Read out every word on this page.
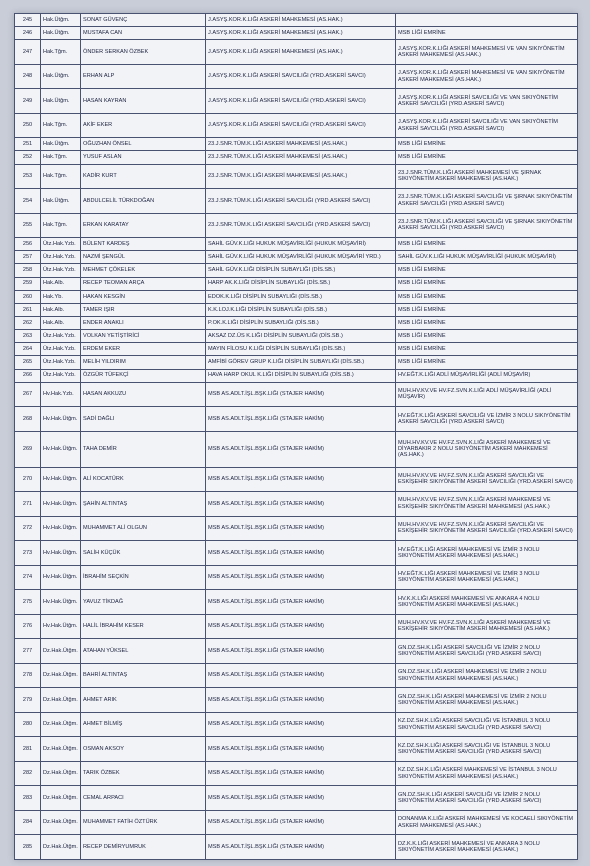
245	Hak.Ütğm.	SONAT GÜVENÇ	J.ASYŞ.KOR.K.LIĞI ASKERİ MAHKEMESİ (AS.HAK.)	
246	Hak.Ütğm.	MUSTAFA CAN	J.ASYŞ.KOR.K.LIĞI ASKERİ MAHKEMESİ (AS.HAK.)	MSB LİĞİ EMRİNE
247	Hak.Tğm.	ÖNDER SERKAN ÖZBEK	J.ASYŞ.KOR.K.LIĞI ASKERİ MAHKEMESİ (AS.HAK.)	J.ASYŞ.KOR.K.LIĞI ASKERİ MAHKEMESİ VE VAN SIKIYÖNETİM ASKERİ MAHKEMESİ (AS.HAK.)
248	Hak.Ütğm.	ERHAN ALP	J.ASYŞ.KOR.K.LIĞI ASKERİ SAVCILIĞI (YRD.ASKERİ SAVCI)	J.ASYŞ.KOR.K.LIĞI ASKERİ MAHKEMESİ VE VAN SIKIYÖNETİM ASKERİ MAHKEMESİ (AS.HAK.)
249	Hak.Ütğm.	HASAN KAYRAN	J.ASYŞ.KOR.K.LIĞI ASKERİ SAVCILIĞI (YRD.ASKERİ SAVCI)	J.ASYŞ.KOR.K.LIĞI ASKERİ SAVCILIĞI VE VAN SIKIYÖNETİM ASKERİ SAVCILIĞI (YRD.ASKERİ SAVCI)
250	Hak.Tğm.	AKİF EKER	J.ASYŞ.KOR.K.LIĞI ASKERİ SAVCILIĞI (YRD.ASKERİ SAVCI)	J.ASYŞ.KOR.K.LIĞI ASKERİ SAVCILIĞI VE VAN SIKIYÖNETİM ASKERİ SAVCILIĞI (YRD.ASKERİ SAVCI)
251	Hak.Ütğm.	OĞUZHAN ÖNSEL	23.J.SNR.TÜM.K.LIĞI ASKERİ MAHKEMESİ (AS.HAK.)	MSB LİĞİ EMRİNE
252	Hak.Tğm.	YUSUF ASLAN	23.J.SNR.TÜM.K.LIĞI ASKERİ MAHKEMESİ (AS.HAK.)	MSB LİĞİ EMRİNE
253	Hak.Tğm.	KADİR KURT	23.J.SNR.TÜM.K.LIĞI ASKERİ MAHKEMESİ (AS.HAK.)	23.J.SNR.TÜM.K.LIĞI ASKERİ MAHKEMESİ VE ŞIRNAK SIKIYÖNETİM ASKERİ MAHKEMESİ (AS.HAK.)
254	Hak.Ütğm.	ABDULCELİL TÜRKDOĞAN	23.J.SNR.TÜM.K.LIĞI ASKERİ SAVCILIĞI (YRD.ASKERİ SAVCI)	23.J.SNR.TÜM.K.LIĞI ASKERİ SAVCILIĞI VE ŞIRNAK SIKIYÖNETİM ASKERİ SAVCILIĞI (YRD.ASKERİ SAVCI)
255	Hak.Tğm.	ERKAN KARATAY	23.J.SNR.TÜM.K.LIĞI ASKERİ SAVCILIĞI (YRD.ASKERİ SAVCI)	23.J.SNR.TÜM.K.LIĞI ASKERİ SAVCILIĞI VE ŞIRNAK SIKIYÖNETİM ASKERİ SAVCILIĞI (YRD.ASKERİ SAVCI)
256	Ütz.Hak.Yzb.	BÜLENT KARDEŞ	SAHİL GÜV.K.LIĞI HUKUK MÜŞAVİRLİĞİ (HUKUK MÜŞAVİRİ)	MSB LİĞİ EMRİNE
257	Ütz.Hak.Yzb.	NAZMİ ŞENGÜL	SAHİL GÜV.K.LIĞI HUKUK MÜŞAVİRLİĞİ (HUKUK MÜŞAVİRİ YRD.)	SAHİL GÜV.K.LIĞI HUKUK MÜŞAVİRLİĞİ (HUKUK MÜŞAVİRİ)
258	Ütz.Hak.Yzb.	MEHMET ÇÖKELEK	SAHİL GÜV.K.LIĞI DİSİPLİN SUBAYLIĞI (DİS.SB.)	MSB LİĞİ EMRİNE
259	Hak.Alb.	RECEP TEOMAN ARÇA	HARP AK.K.LIĞI DİSİPLİN SUBAYLIĞI (DİS.SB.)	MSB LİĞİ EMRİNE
260	Hak.Yb.	HAKAN KESGİN	EDOK.K.LIĞI DİSİPLİN SUBAYLIĞI (DİS.SB.)	MSB LİĞİ EMRİNE
261	Hak.Alb.	TAMER IŞIR	K.K.LOJ.K.LIĞI DİSİPLİN SUBAYLIĞI (DİS.SB.)	MSB LİĞİ EMRİNE
262	Hak.Alb.	ENDER ANAKLI	P.OK.K.LIĞI DİSİPLİN SUBAYLIĞI (DİS.SB.)	MSB LİĞİ EMRİNE
263	Ütz.Hak.Yzb.	VOLKAN YETİŞTİRİCİ	AKSAZ DZ.ÜS K.LIĞI DİSİPLİN SUBAYLIĞI (DİS.SB.)	MSB LİĞİ EMRİNE
264	Ütz.Hak.Yzb.	ERDEM EKER	MAYIN FİLOSU K.LIĞI DİSİPLİN SUBAYLIĞI (DİS.SB.)	MSB LİĞİ EMRİNE
265	Ütz.Hak.Yzb.	MELİH YILDIRIM	AMFİBİ GÖREV GRUP K.LIĞI DİSİPLİN SUBAYLIĞI (DİS.SB.)	MSB LİĞİ EMRİNE
266	Ütz.Hak.Yzb.	ÖZGÜR TÜFEKÇİ	HAVA HARP OKUL K.LIĞI DİSİPLİN SUBAYLIĞI (DİS.SB.)	HV.EĞT.K.LIĞI ADLİ MÜŞAVİRLİĞİ (ADLİ MÜŞAVİR)
267	Hv.Hak.Yzb.	HASAN AKKUZU	MSB AS.ADLT.İŞL.BŞK.LIĞI (STAJER HAKİM)	MUH.HV.KV.VE HV.FZ.SVN.K.LIĞI ADLİ MÜŞAVİRLİĞİ (ADLİ MÜŞAVİR)
268	Hv.Hak.Ütğm.	SADİ DAĞLI	MSB AS.ADLT.İŞL.BŞK.LIĞI (STAJER HAKİM)	HV.EĞT.K.LIĞI ASKERİ SAVCILIĞI VE İZMİR 3 NOLU SIKIYÖNETİM ASKERİ SAVCILIĞI (YRD.ASKERİ SAVCI)
269	Hv.Hak.Ütğm.	TAHA DEMİR	MSB AS.ADLT.İŞL.BŞK.LIĞI (STAJER HAKİM)	MUH.HV.KV.VE HV.FZ.SVN.K.LIĞI ASKERİ MAHKEMESİ VE DİYARBAKIR 2 NOLU SIKIYÖNETİM ASKERİ MAHKEMESİ (AS.HAK.)
270	Hv.Hak.Ütğm.	ALİ KOCATÜRK	MSB AS.ADLT.İŞL.BŞK.LIĞI (STAJER HAKİM)	MUH.HV.KV.VE HV.FZ.SVN.K.LIĞI ASKERİ SAVCILIĞI VE ESKİŞEHİR SIKIYÖNETİM ASKERİ SAVCILIĞI (YRD.ASKERİ SAVCI)
271	Hv.Hak.Ütğm.	ŞAHİN ALTINTAŞ	MSB AS.ADLT.İŞL.BŞK.LIĞI (STAJER HAKİM)	MUH.HV.KV.VE HV.FZ.SVN.K.LIĞI ASKERİ MAHKEMESİ VE ESKİŞEHİR SIKIYÖNETİM ASKERİ MAHKEMESİ (AS.HAK.)
272	Hv.Hak.Ütğm.	MUHAMMET ALİ OLGUN	MSB AS.ADLT.İŞL.BŞK.LIĞI (STAJER HAKİM)	MUH.HV.KV.VE HV.FZ.SVN.K.LIĞI ASKERİ SAVCILIĞI VE ESKİŞEHİR SIKIYÖNETİM ASKERİ SAVCILIĞI (YRD.ASKERİ SAVCI)
273	Hv.Hak.Ütğm.	SALİH KÜÇÜK	MSB AS.ADLT.İŞL.BŞK.LIĞI (STAJER HAKİM)	HV.EĞT.K.LIĞI ASKERİ MAHKEMESİ VE İZMİR 3 NOLU SIKIYÖNETİM ASKERİ MAHKEMESİ (AS.HAK.)
274	Hv.Hak.Ütğm.	İBRAHİM SEÇKİN	MSB AS.ADLT.İŞL.BŞK.LIĞI (STAJER HAKİM)	HV.EĞT.K.LIĞI ASKERİ MAHKEMESİ VE İZMİR 3 NOLU SIKIYÖNETİM ASKERİ MAHKEMESİ (AS.HAK.)
275	Hv.Hak.Ütğm.	YAVUZ TİKDAĞ	MSB AS.ADLT.İŞL.BŞK.LIĞI (STAJER HAKİM)	HV.K.K.LIĞI ASKERİ MAHKEMESİ VE ANKARA 4 NOLU SIKIYÖNETİM ASKERİ MAHKEMESİ (AS.HAK.)
276	Hv.Hak.Ütğm.	HALİL İBRAHİM KESER	MSB AS.ADLT.İŞL.BŞK.LIĞI (STAJER HAKİM)	MUH.HV.KV.VE HV.FZ.SVN.K.LIĞI ASKERİ MAHKEMESİ VE ESKİŞEHİR SIKIYÖNETİM ASKERİ MAHKEMESİ (AS.HAK.)
277	Dz.Hak.Ütğm.	ATAHAN YÜKSEL	MSB AS.ADLT.İŞL.BŞK.LIĞI (STAJER HAKİM)	GN.DZ.SH.K.LIĞI ASKERİ SAVCILIĞI VE İZMİR 2 NOLU SIKIYÖNETİM ASKERİ SAVCILIĞI (YRD.ASKERİ SAVCI)
278	Dz.Hak.Ütğm.	BAHRİ ALTINTAŞ	MSB AS.ADLT.İŞL.BŞK.LIĞI (STAJER HAKİM)	GN.DZ.SH.K.LIĞI ASKERİ MAHKEMESİ VE İZMİR 2 NOLU SIKIYÖNETİM ASKERİ MAHKEMESİ (AS.HAK.)
279	Dz.Hak.Ütğm.	AHMET ARIK	MSB AS.ADLT.İŞL.BŞK.LIĞI (STAJER HAKİM)	GN.DZ.SH.K.LIĞI ASKERİ MAHKEMESİ VE İZMİR 2 NOLU SIKIYÖNETİM ASKERİ MAHKEMESİ (AS.HAK.)
280	Dz.Hak.Ütğm.	AHMET BİLMİŞ	MSB AS.ADLT.İŞL.BŞK.LIĞI (STAJER HAKİM)	KZ.DZ.SH.K.LIĞI ASKERİ SAVCILIĞI VE İSTANBUL 3 NOLU SIKIYÖNETİM ASKERİ SAVCILIĞI (YRD.ASKERİ SAVCI)
281	Dz.Hak.Ütğm.	OSMAN AKSOY	MSB AS.ADLT.İŞL.BŞK.LIĞI (STAJER HAKİM)	KZ.DZ.SH.K.LIĞI ASKERİ SAVCILIĞI VE İSTANBUL 3 NOLU SIKIYÖNETİM ASKERİ SAVCILIĞI (YRD.ASKERİ SAVCI)
282	Dz.Hak.Ütğm.	TARIK ÖZBEK	MSB AS.ADLT.İŞL.BŞK.LIĞI (STAJER HAKİM)	KZ.DZ.SH.K.LIĞI ASKERİ MAHKEMESİ VE İSTANBUL 3 NOLU SIKIYÖNETİM ASKERİ MAHKEMESİ (AS.HAK.)
283	Dz.Hak.Ütğm.	CEMAL ARPACI	MSB AS.ADLT.İŞL.BŞK.LIĞI (STAJER HAKİM)	GN.DZ.SH.K.LIĞI ASKERİ SAVCILIĞI VE İZMİR 2 NOLU SIKIYÖNETİM ASKERİ SAVCILIĞI (YRD.ASKERİ SAVCI)
284	Dz.Hak.Ütğm.	MUHAMMET FATİH ÖZTÜRK	MSB AS.ADLT.İŞL.BŞK.LIĞI (STAJER HAKİM)	DONANMA K.LIĞI ASKERİ MAHKEMESİ VE KOCAELİ SIKIYÖNETİM ASKERİ MAHKEMESİ (AS.HAK.)
285	Dz.Hak.Ütğm.	RECEP DEMİRYUMRUK	MSB AS.ADLT.İŞL.BŞK.LIĞI (STAJER HAKİM)	DZ.K.K.LIĞI ASKERİ MAHKEMESİ VE ANKARA 3 NOLU SIKIYÖNETİM ASKERİ MAHKEMESİ (AS.HAK.)
